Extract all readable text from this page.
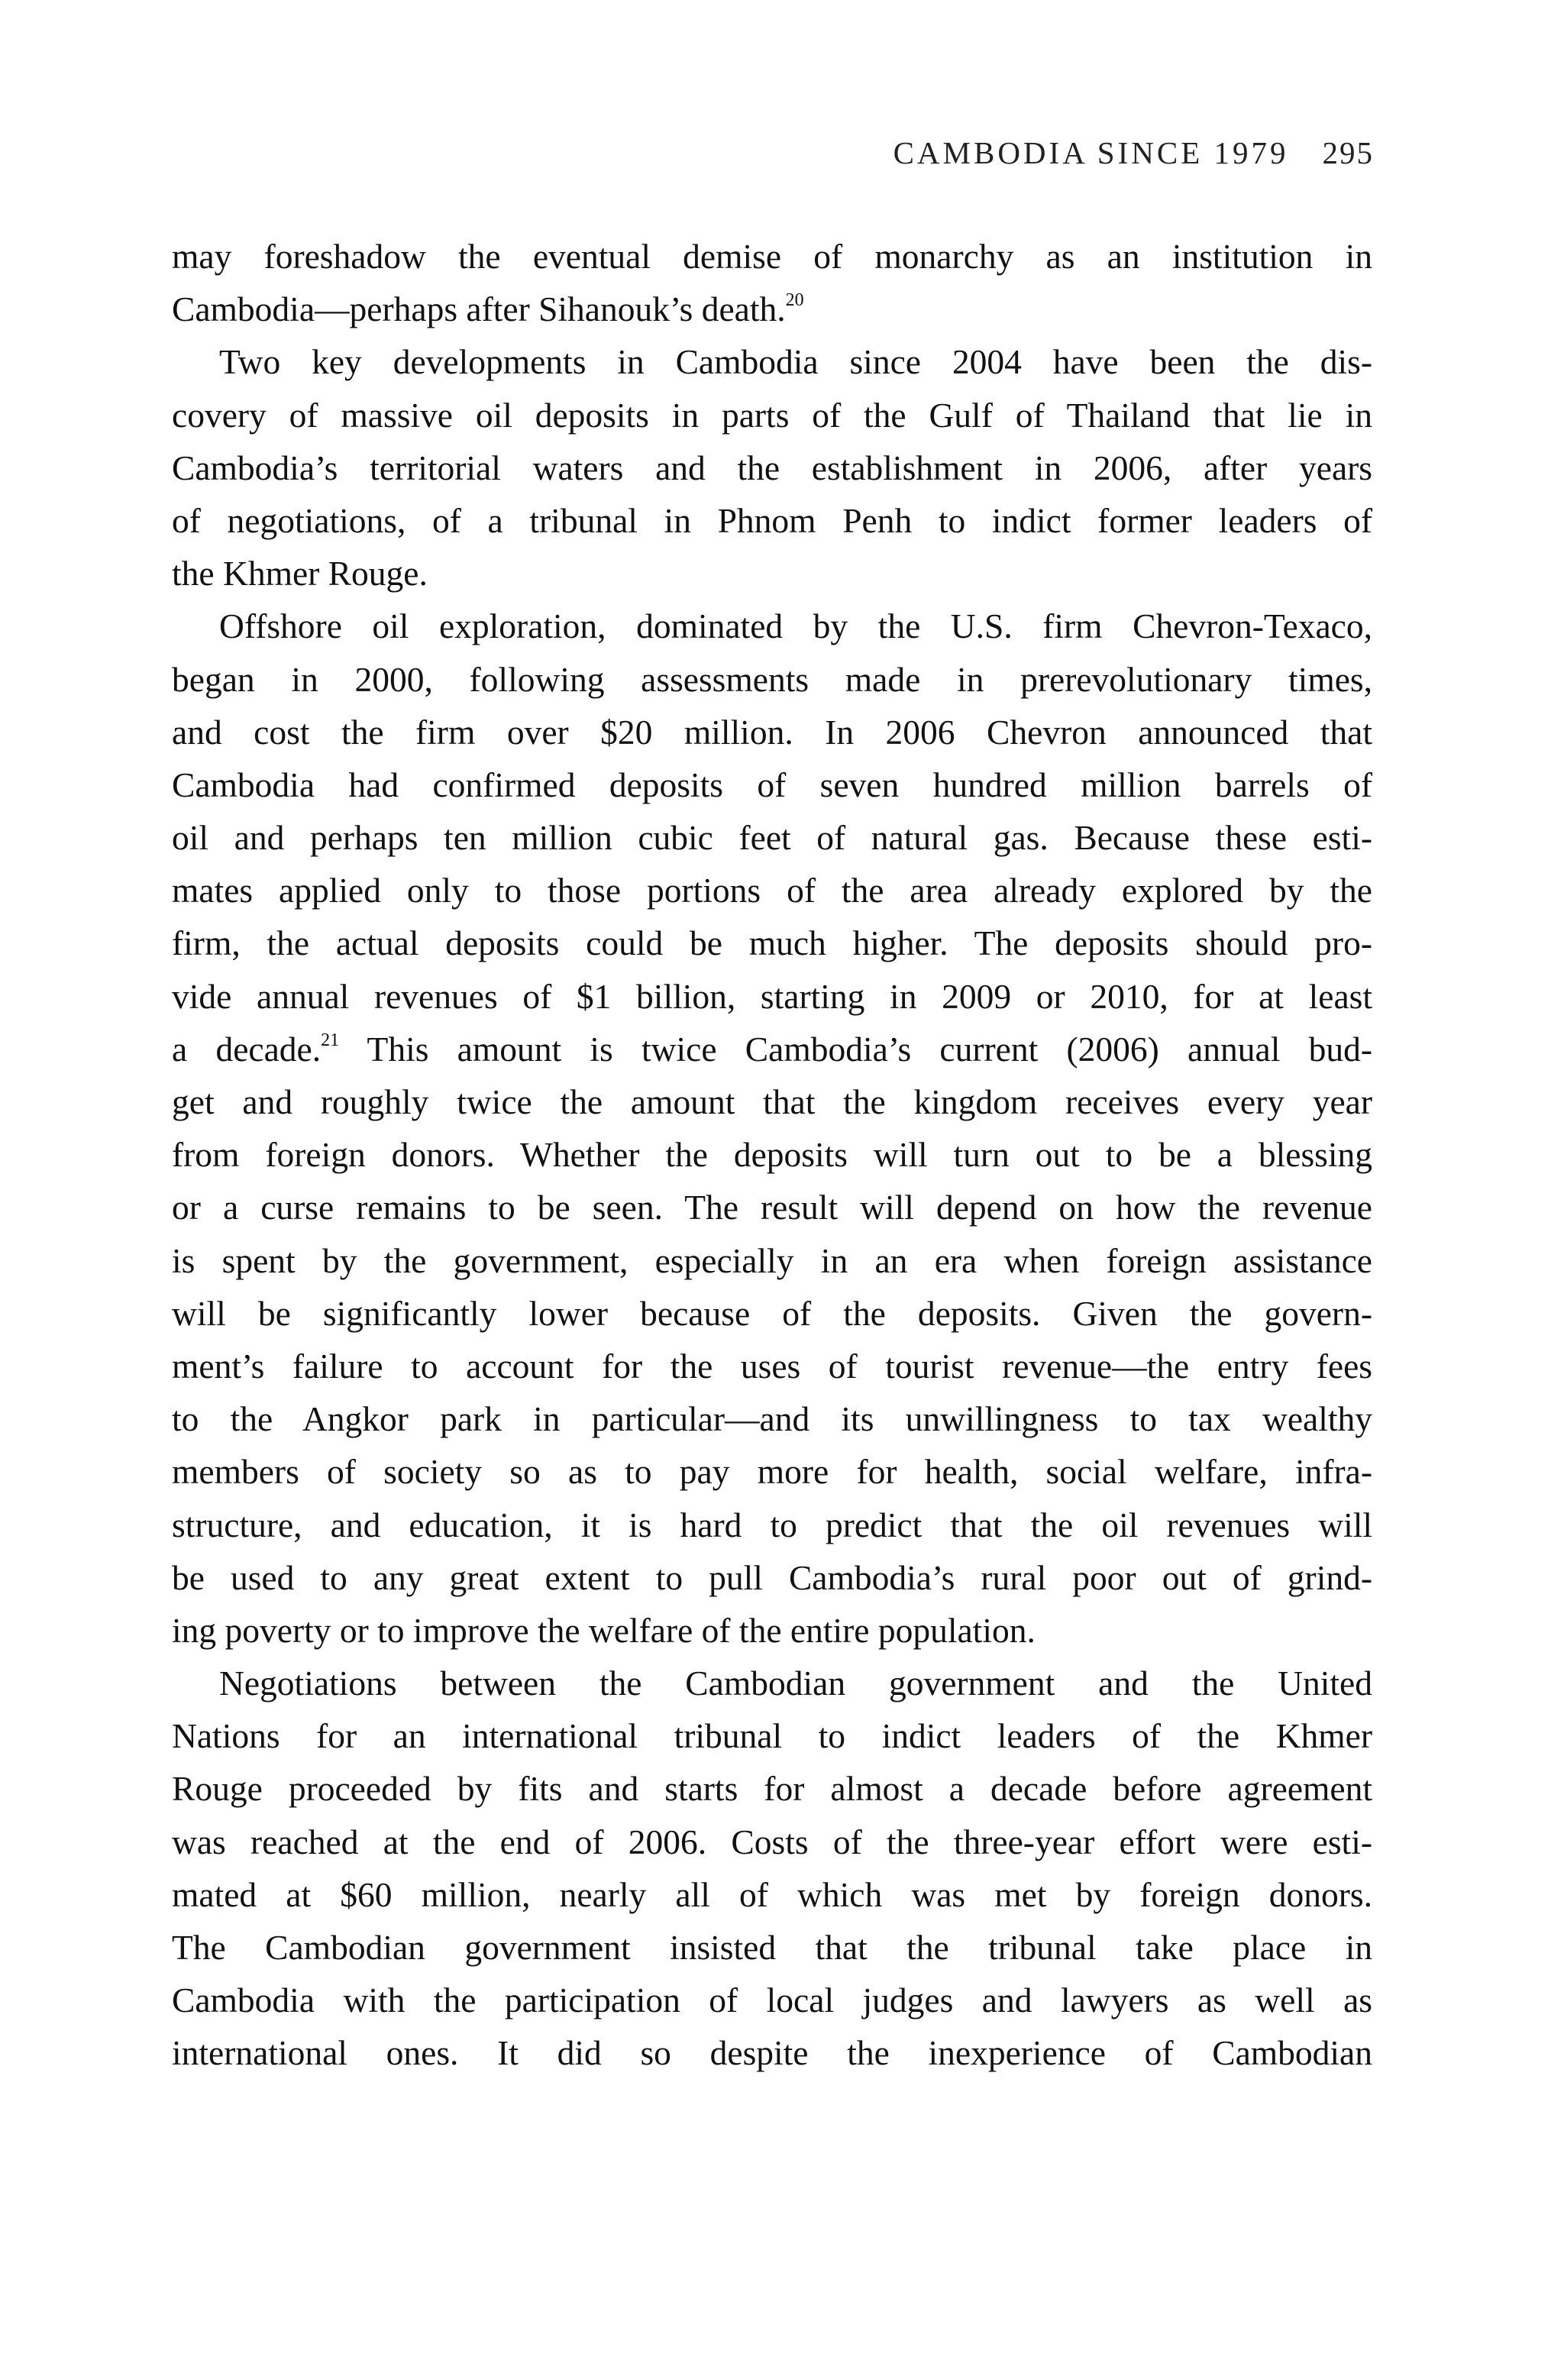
CAMBODIA SINCE 1979 295
may foreshadow the eventual demise of monarchy as an institution in
Cambodia—perhaps after Sihanouk’s death.$^{20}$
Two key developments in Cambodia since 2004 have been the dis-
covery of massive oil deposits in parts of the Gulf of Thailand that lie in
Cambodia’s territorial waters and the establishment in 2006, after years
of negotiations, of a tribunal in Phnom Penh to indict former leaders of
the Khmer Rouge.
Offshore oil exploration, dominated by the U.S. firm Chevron-Texaco,
began in 2000, following assessments made in prerevolutionary times,
and cost the firm over $20 million. In 2006 Chevron announced that
Cambodia had confirmed deposits of seven hundred million barrels of
oil and perhaps ten million cubic feet of natural gas. Because these esti-
mates applied only to those portions of the area already explored by the
firm, the actual deposits could be much higher. The deposits should pro-
vide annual revenues of $1 billion, starting in 2009 or 2010, for at least
a decade.$^{21}$ This amount is twice Cambodia’s current (2006) annual bud-
get and roughly twice the amount that the kingdom receives every year
from foreign donors. Whether the deposits will turn out to be a blessing
or a curse remains to be seen. The result will depend on how the revenue
is spent by the government, especially in an era when foreign assistance
will be significantly lower because of the deposits. Given the govern-
ment’s failure to account for the uses of tourist revenue—the entry fees
to the Angkor park in particular—and its unwillingness to tax wealthy
members of society so as to pay more for health, social welfare, infra-
structure, and education, it is hard to predict that the oil revenues will
be used to any great extent to pull Cambodia’s rural poor out of grind-
ing poverty or to improve the welfare of the entire population.
Negotiations between the Cambodian government and the United
Nations for an international tribunal to indict leaders of the Khmer
Rouge proceeded by fits and starts for almost a decade before agreement
was reached at the end of 2006. Costs of the three-year effort were esti-
mated at $60 million, nearly all of which was met by foreign donors.
The Cambodian government insisted that the tribunal take place in
Cambodia with the participation of local judges and lawyers as well as
international ones. It did so despite the inexperience of Cambodian
